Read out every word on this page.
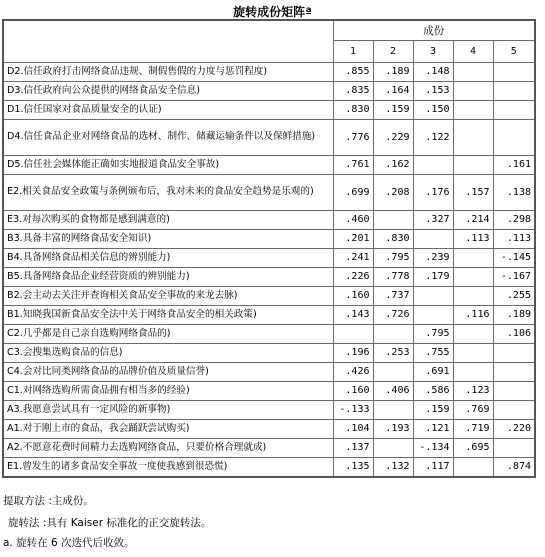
旋转成份矩阵ª
	成份				
	1	2	3	4	5

D2.信任政府打击网络食品违规、制假售假的力度与惩罚程度)	.855	.189	.148		

D3.信任政府向公众提供的网络食品安全信息)	.835	.164	.153		

D1.信任国家对食品质量安全的认证)	.830	.159	.150		

D4.信任食品企业对网络食品的选材、制作、储藏运输条件以及保鲜措施)	.776	.229	.122		

D5.信任社会媒体能正确如实地报道食品安全事故)	.761	.162			.161

E2.相关食品安全政策与条例颁布后，我对未来的食品安全趋势是乐观的)	.699	.208	.176	.157	.138

E3.对每次购买的食物都是感到满意的)	.460		.327	.214	.298

B3.具备丰富的网络食品安全知识)	.201	.830		.113	.113

B4.具备网络食品相关信息的辨别能力)	.241	.795	.239		-.145

B5.具备网络食品企业经营资质的辨别能力)	.226	.778	.179		-.167

B2.会主动去关注并查询相关食品安全事故的来龙去脉)	.160	.737			.255

B1.知晓我国新食品安全法中关于网络食品安全的相关政策)	.143	.726		.116	.189

C2.几乎都是自己亲自选购网络食品的)			.795		.106

C3.会搜集选购食品的信息)	.196	.253	.755		

C4.会对比同类网络食品的品牌价值及质量信誉)	.426		.691		

C1.对网络选购所需食品拥有相当多的经验)	.160	.406	.586	.123	

A3.我愿意尝试具有一定风险的新事物)	-.133		.159	.769	

A1.对于刚上市的食品，我会踊跃尝试购买)	.104	.193	.121	.719	.220

A2.不愿意花费时间精力去选购网络食品，只要价格合理就成)	.137		-.134	.695	

E1.曾发生的诸多食品安全事故一度使我感到很恐慌)	.135	.132	.117		.874
提取方法 :主成份。
旋转法 :具有 Kaiser 标准化的正交旋转法。
a. 旋转在 6 次迭代后收敛。
